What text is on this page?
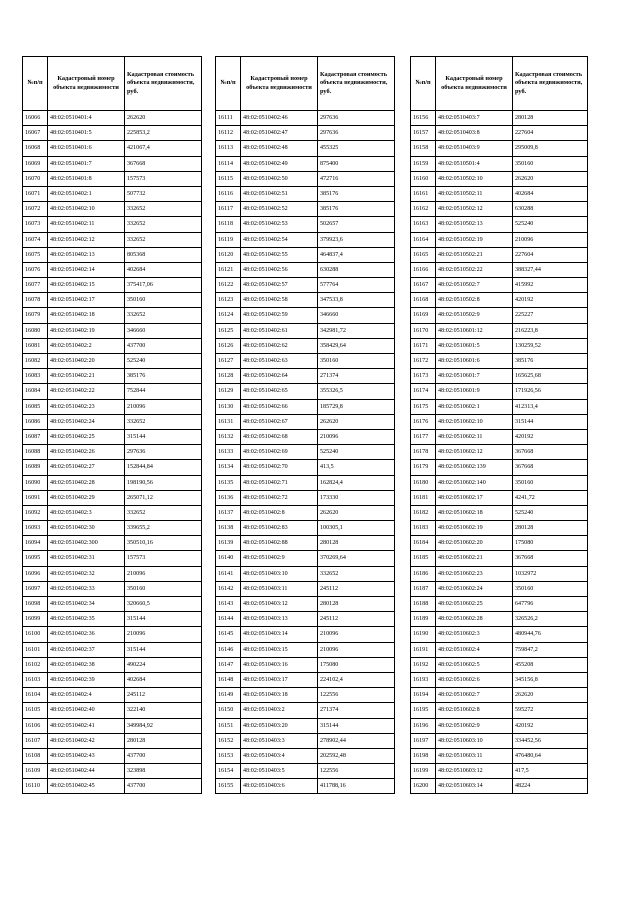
№п/п	Кадастровый номер объекта недвижимости	Кадастровая стоимость объекта недвижимости, руб.
16066	48:02:0510401:4	262620
16067	48:02:0510401:5	225853,2
16068	48:02:0510401:6	421067,4
16069	48:02:0510401:7	367668
16070	48:02:0510401:8	157573
16071	48:02:0510402:1	507732
16072	48:02:0510402:10	332652
16073	48:02:0510402:11	332652
16074	48:02:0510402:12	332652
16075	48:02:0510402:13	805368
16076	48:02:0510402:14	402684
16077	48:02:0510402:15	375417,06
16078	48:02:0510402:17	350160
16079	48:02:0510402:18	332652
16080	48:02:0510402:19	346660
16081	48:02:0510402:2	437700
16082	48:02:0510402:20	525240
16083	48:02:0510402:21	385176
16084	48:02:0510402:22	752844
16085	48:02:0510402:23	210096
16086	48:02:0510402:24	332652
16087	48:02:0510402:25	315144
16088	48:02:0510402:26	297636
16089	48:02:0510402:27	152844,84
16090	48:02:0510402:28	198190,56
16091	48:02:0510402:29	265071,12
16092	48:02:0510402:3	332652
16093	48:02:0510402:30	339655,2
16094	48:02:0510402:300	350510,16
16095	48:02:0510402:31	157573
16096	48:02:0510402:32	210096
16097	48:02:0510402:33	350160
16098	48:02:0510402:34	320660,5
16099	48:02:0510402:35	315144
16100	48:02:0510402:36	210096
16101	48:02:0510402:37	315144
16102	48:02:0510402:38	490224
16103	48:02:0510402:39	402684
16104	48:02:0510402:4	245112
16105	48:02:0510402:40	322140
16106	48:02:0510402:41	349984,92
16107	48:02:0510402:42	280128
16108	48:02:0510402:43	437700
16109	48:02:0510402:44	323898
16110	48:02:0510402:45	437700
№п/п	Кадастровый номер объекта недвижимости	Кадастровая стоимость объекта недвижимости, руб.
16111	48:02:0510402:46	297636
16112	48:02:0510402:47	297636
16113	48:02:0510402:48	455325
16114	48:02:0510402:49	875400
16115	48:02:0510402:50	472716
16116	48:02:0510402:51	385176
16117	48:02:0510402:52	385176
16118	48:02:0510402:53	502657
16119	48:02:0510402:54	379923,6
16120	48:02:0510402:55	464837,4
16121	48:02:0510402:56	630288
16122	48:02:0510402:57	577764
16123	48:02:0510402:58	347533,8
16124	48:02:0510402:59	346660
16125	48:02:0510402:61	342981,72
16126	48:02:0510402:62	358429,64
16127	48:02:0510402:63	350160
16128	48:02:0510402:64	271374
16129	48:02:0510402:65	355326,5
16130	48:02:0510402:66	185729,8
16131	48:02:0510402:67	262620
16132	48:02:0510402:68	210096
16133	48:02:0510402:69	525240
16134	48:02:0510402:70	413,5
16135	48:02:0510402:71	162824,4
16136	48:02:0510402:72	173330
16137	48:02:0510402:8	262620
16138	48:02:0510402:83	100305,1
16139	48:02:0510402:88	280128
16140	48:02:0510402:9	370269,64
16141	48:02:0510403:10	332652
16142	48:02:0510403:11	245112
16143	48:02:0510403:12	280128
16144	48:02:0510403:13	245112
16145	48:02:0510403:14	210096
16146	48:02:0510403:15	210096
16147	48:02:0510403:16	175080
16148	48:02:0510403:17	224102,4
16149	48:02:0510403:18	122556
16150	48:02:0510403:2	271374
16151	48:02:0510403:20	315144
16152	48:02:0510403:3	278902,44
16153	48:02:0510403:4	202592,48
16154	48:02:0510403:5	122556
16155	48:02:0510403:6	411788,16
№п/п	Кадастровый номер объекта недвижимости	Кадастровая стоимость объекта недвижимости, руб.
16156	48:02:0510403:7	280128
16157	48:02:0510403:8	227604
16158	48:02:0510403:9	295009,8
16159	48:02:0510501:4	350160
16160	48:02:0510502:10	262620
16161	48:02:0510502:11	402684
16162	48:02:0510502:12	630288
16163	48:02:0510502:13	525240
16164	48:02:0510502:19	210096
16165	48:02:0510502:21	227604
16166	48:02:0510502:22	388327,44
16167	48:02:0510502:7	415992
16168	48:02:0510502:8	420192
16169	48:02:0510502:9	225227
16170	48:02:0510601:12	216223,8
16171	48:02:0510601:5	130259,52
16172	48:02:0510601:6	385176
16173	48:02:0510601:7	165625,68
16174	48:02:0510601:9	171926,56
16175	48:02:0510602:1	412313,4
16176	48:02:0510602:10	315144
16177	48:02:0510602:11	420192
16178	48:02:0510602:12	367668
16179	48:02:0510602:139	367668
16180	48:02:0510602:140	350160
16181	48:02:0510602:17	4241,72
16182	48:02:0510602:18	525240
16183	48:02:0510602:19	280128
16184	48:02:0510602:20	175080
16185	48:02:0510602:21	367668
16186	48:02:0510602:23	1032972
16187	48:02:0510602:24	350160
16188	48:02:0510602:25	647796
16189	48:02:0510602:28	326526,2
16190	48:02:0510602:3	480944,76
16191	48:02:0510602:4	759847,2
16192	48:02:0510602:5	455208
16193	48:02:0510602:6	345156,8
16194	48:02:0510602:7	262620
16195	48:02:0510602:8	595272
16196	48:02:0510602:9	420192
16197	48:02:0510603:10	334452,56
16198	48:02:0510603:11	476480,64
16199	48:02:0510603:12	417,5
16200	48:02:0510603:14	48224
